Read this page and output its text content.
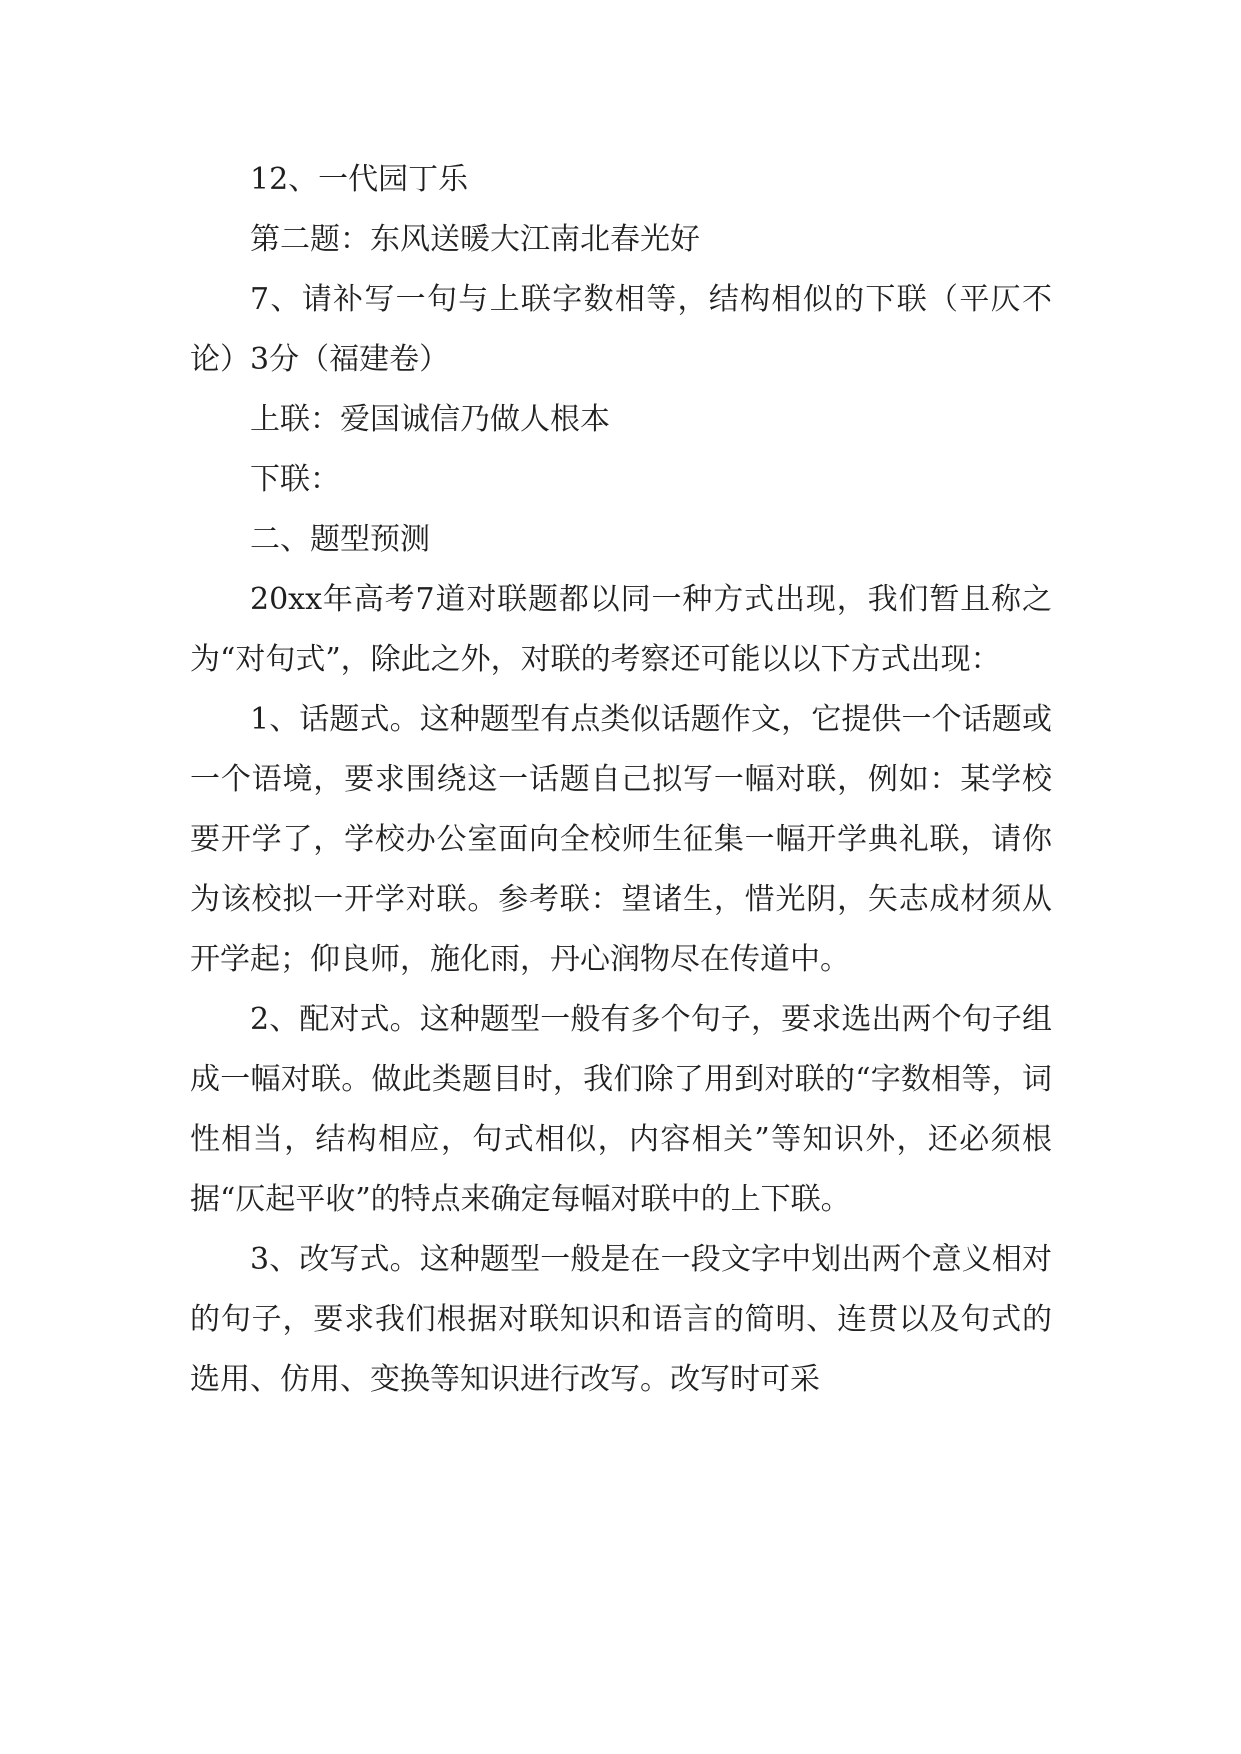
12、一代园丁乐

第二题：东风送暖大江南北春光好

7、请补写一句与上联字数相等，结构相似的下联（平仄不论）3分（福建卷）

上联：爱国诚信乃做人根本

下联：

二、题型预测

20xx年高考7道对联题都以同一种方式出现，我们暂且称之为“对句式”，除此之外，对联的考察还可能以以下方式出现：

1、话题式。这种题型有点类似话题作文，它提供一个话题或一个语境，要求围绕这一话题自己拟写一幅对联，例如：某学校要开学了，学校办公室面向全校师生征集一幅开学典礼联，请你为该校拟一开学对联。参考联：望诸生，惜光阴，矢志成材须从开学起；仰良师，施化雨，丹心润物尽在传道中。

2、配对式。这种题型一般有多个句子，要求选出两个句子组成一幅对联。做此类题目时，我们除了用到对联的“字数相等，词性相当，结构相应，句式相似，内容相关”等知识外，还必须根据“仄起平收”的特点来确定每幅对联中的上下联。

3、改写式。这种题型一般是在一段文字中划出两个意义相对的句子，要求我们根据对联知识和语言的简明、连贯以及句式的选用、仿用、变换等知识进行改写。改写时可采
